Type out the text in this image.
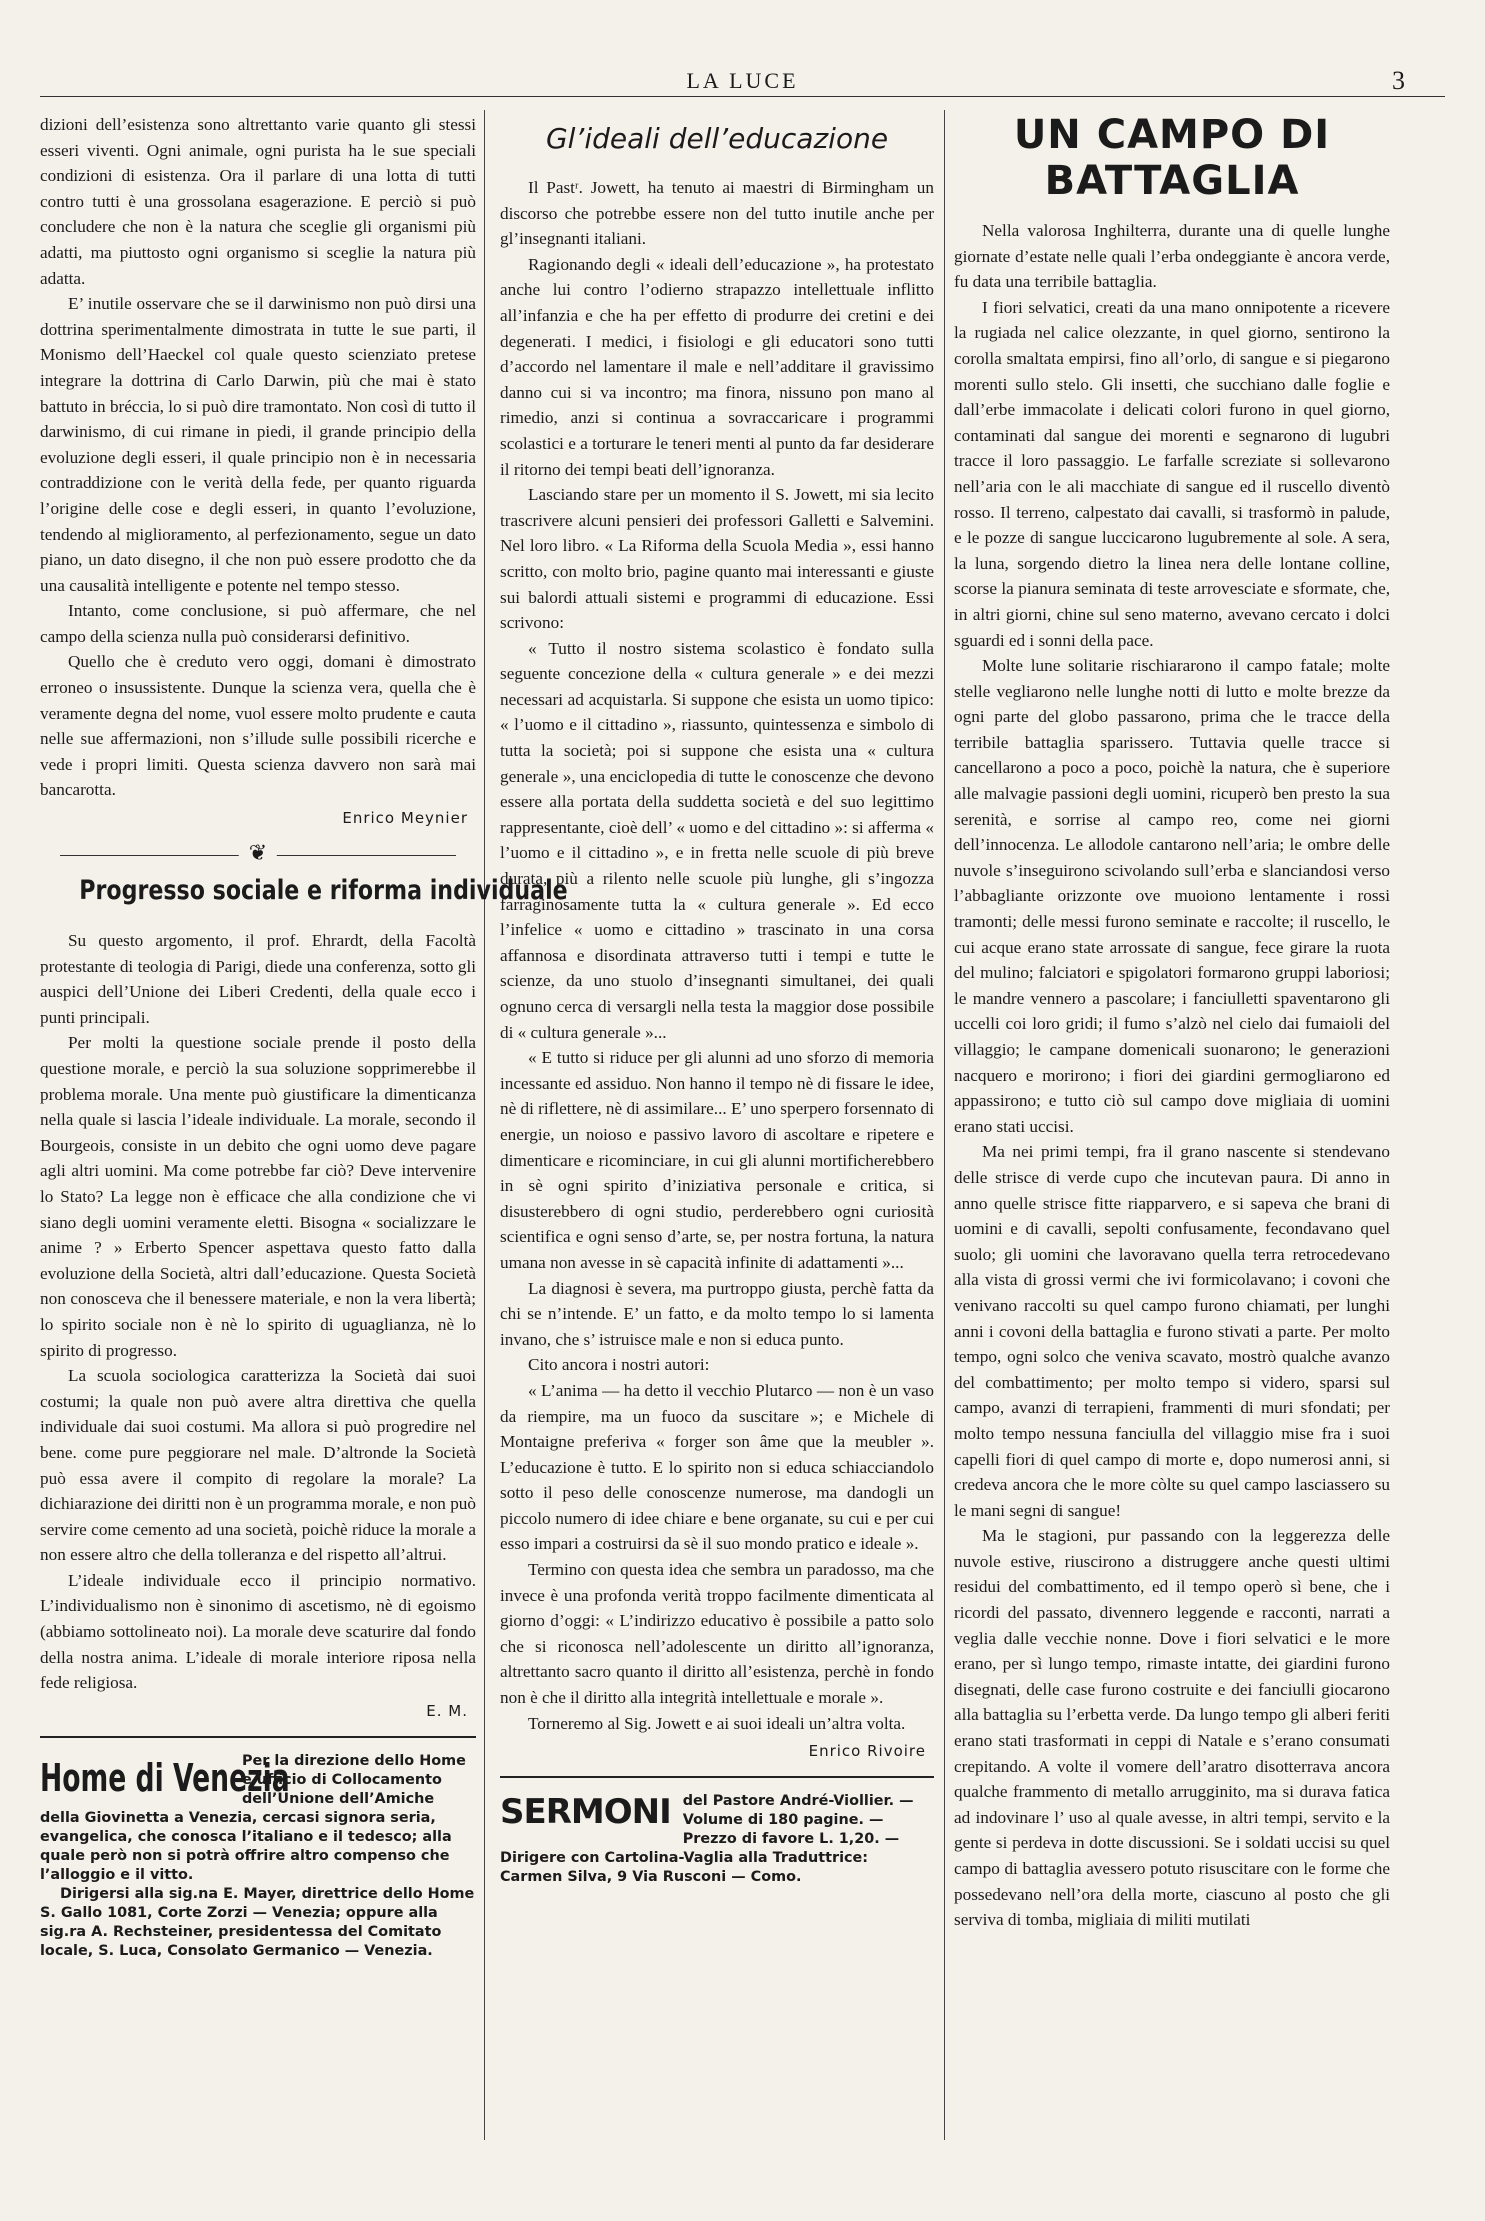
LA LUCE	3

dizioni dell’esistenza sono altrettanto varie quanto gli stessi esseri viventi. Ogni animale, ogni purista ha le sue speciali condizioni di esistenza. Ora il parlare di una lotta di tutti contro tutti è una grossolana esagerazione. E perciò si può concludere che non è la natura che sceglie gli organismi più adatti, ma piuttosto ogni organismo si sceglie la natura più adatta.

E’ inutile osservare che se il darwinismo non può dirsi una dottrina sperimentalmente dimostrata in tutte le sue parti, il Monismo dell’Haeckel col quale questo scienziato pretese integrare la dottrina di Carlo Darwin, più che mai è stato battuto in bréccia, lo si può dire tramontato. Non così di tutto il darwinismo, di cui rimane in piedi, il grande principio della evoluzione degli esseri, il quale principio non è in necessaria contraddizione con le verità della fede, per quanto riguarda l’origine delle cose e degli esseri, in quanto l’evoluzione, tendendo al miglioramento, al perfezionamento, segue un dato piano, un dato disegno, il che non può essere prodotto che da una causalità intelligente e potente nel tempo stesso.

Intanto, come conclusione, si può affermare, che nel campo della scienza nulla può considerarsi definitivo.

Quello che è creduto vero oggi, domani è dimostrato erroneo o insussistente. Dunque la scienza vera, quella che è veramente degna del nome, vuol essere molto prudente e cauta nelle sue affermazioni, non s’illude sulle possibili ricerche e vede i propri limiti. Questa scienza davvero non sarà mai bancarotta.

Enrico Meynier
❦
Progresso sociale e riforma individuale

Su questo argomento, il prof. Ehrardt, della Facoltà protestante di teologia di Parigi, diede una conferenza, sotto gli auspici dell’Unione dei Liberi Credenti, della quale ecco i punti principali.

Per molti la questione sociale prende il posto della questione morale, e perciò la sua soluzione sopprimerebbe il problema morale. Una mente può giustificare la dimenticanza nella quale si lascia l’ideale individuale. La morale, secondo il Bourgeois, consiste in un debito che ogni uomo deve pagare agli altri uomini. Ma come potrebbe far ciò? Deve intervenire lo Stato? La legge non è efficace che alla condizione che vi siano degli uomini veramente eletti. Bisogna « socializzare le anime ? » Erberto Spencer aspettava questo fatto dalla evoluzione della Società, altri dall’educazione. Questa Società non conosceva che il benessere materiale, e non la vera libertà; lo spirito sociale non è nè lo spirito di uguaglianza, nè lo spirito di progresso.

La scuola sociologica caratterizza la Società dai suoi costumi; la quale non può avere altra direttiva che quella individuale dai suoi costumi. Ma allora si può progredire nel bene. come pure peggiorare nel male. D’altronde la Società può essa avere il compito di regolare la morale? La dichiarazione dei diritti non è un programma morale, e non può servire come cemento ad una società, poichè riduce la morale a non essere altro che della tolleranza e del rispetto all’altrui.

L’ideale individuale ecco il principio normativo. L’individualismo non è sinonimo di ascetismo, nè di egoismo (abbiamo sottolineato noi). La morale deve scaturire dal fondo della nostra anima. L’ideale di morale interiore riposa nella fede religiosa.

E. M.
Home di Venezia
Per la direzione dello Home e ufficio di Collocamento dell’Unione dell’Amiche della Giovinetta a Venezia, cercasi signora seria, evangelica, che conosca l’italiano e il tedesco; alla quale però non si potrà offrire altro compenso che l’alloggio e il vitto.
Dirigersi alla sig.na E. Mayer, direttrice dello Home S. Gallo 1081, Corte Zorzi — Venezia; oppure alla sig.ra A. Rechsteiner, presidentessa del Comitato locale, S. Luca, Consolato Germanico — Venezia.
Gl’ideali dell’educazione

Il Pastʳ. Jowett, ha tenuto ai maestri di Birmingham un discorso che potrebbe essere non del tutto inutile anche per gl’insegnanti italiani.

Ragionando degli « ideali dell’educazione », ha protestato anche lui contro l’odierno strapazzo intellettuale inflitto all’infanzia e che ha per effetto di produrre dei cretini e dei degenerati. I medici, i fisiologi e gli educatori sono tutti d’accordo nel lamentare il male e nell’additare il gravissimo danno cui si va incontro; ma finora, nissuno pon mano al rimedio, anzi si continua a sovraccaricare i programmi scolastici e a torturare le teneri menti al punto da far desiderare il ritorno dei tempi beati dell’ignoranza.

Lasciando stare per un momento il S. Jowett, mi sia lecito trascrivere alcuni pensieri dei professori Galletti e Salvemini. Nel loro libro. « La Riforma della Scuola Media », essi hanno scritto, con molto brio, pagine quanto mai interessanti e giuste sui balordi attuali sistemi e programmi di educazione. Essi scrivono:

« Tutto il nostro sistema scolastico è fondato sulla seguente concezione della « cultura generale » e dei mezzi necessari ad acquistarla. Si suppone che esista un uomo tipico: « l’uomo e il cittadino », riassunto, quintessenza e simbolo di tutta la società; poi si suppone che esista una « cultura generale », una enciclopedia di tutte le conoscenze che devono essere alla portata della suddetta società e del suo legittimo rappresentante, cioè dell’ « uomo e del cittadino »: si afferma « l’uomo e il cittadino », e in fretta nelle scuole di più breve durata, più a rilento nelle scuole più lunghe, gli s’ingozza farraginosamente tutta la « cultura generale ». Ed ecco l’infelice « uomo e cittadino » trascinato in una corsa affannosa e disordinata attraverso tutti i tempi e tutte le scienze, da uno stuolo d’insegnanti simultanei, dei quali ognuno cerca di versargli nella testa la maggior dose possibile di « cultura generale »...

« E tutto si riduce per gli alunni ad uno sforzo di memoria incessante ed assiduo. Non hanno il tempo nè di fissare le idee, nè di riflettere, nè di assimilare... E’ uno sperpero forsennato di energie, un noioso e passivo lavoro di ascoltare e ripetere e dimenticare e ricominciare, in cui gli alunni mortificherebbero in sè ogni spirito d’iniziativa personale e critica, si disusterebbero di ogni studio, perderebbero ogni curiosità scientifica e ogni senso d’arte, se, per nostra fortuna, la natura umana non avesse in sè capacità infinite di adattamenti »...

La diagnosi è severa, ma purtroppo giusta, perchè fatta da chi se n’intende. E’ un fatto, e da molto tempo lo si lamenta invano, che s’ istruisce male e non si educa punto.

Cito ancora i nostri autori:

« L’anima — ha detto il vecchio Plutarco — non è un vaso da riempire, ma un fuoco da suscitare »; e Michele di Montaigne preferiva « forger son âme que la meubler ». L’educazione è tutto. E lo spirito non si educa schiacciandolo sotto il peso delle conoscenze numerose, ma dandogli un piccolo numero di idee chiare e bene organate, su cui e per cui esso impari a costruirsi da sè il suo mondo pratico e ideale ».

Termino con questa idea che sembra un paradosso, ma che invece è una profonda verità troppo facilmente dimenticata al giorno d’oggi: « L’indirizzo educativo è possibile a patto solo che si riconosca nell’adolescente un diritto all’ignoranza, altrettanto sacro quanto il diritto all’esistenza, perchè in fondo non è che il diritto alla integrità intellettuale e morale ».

Torneremo al Sig. Jowett e ai suoi ideali un’altra volta.

Enrico Rivoire
SERMONI del Pastore André-Viollier. — Volume di 180 pagine. — Prezzo di favore L. 1,20. — Dirigere con Cartolina-Vaglia alla Traduttrice: Carmen Silva, 9 Via Rusconi — Como.
UN CAMPO DI BATTAGLIA

Nella valorosa Inghilterra, durante una di quelle lunghe giornate d’estate nelle quali l’erba ondeggiante è ancora verde, fu data una terribile battaglia.

I fiori selvatici, creati da una mano onnipotente a ricevere la rugiada nel calice olezzante, in quel giorno, sentirono la corolla smaltata empirsi, fino all’orlo, di sangue e si piegarono morenti sullo stelo. Gli insetti, che succhiano dalle foglie e dall’erbe immacolate i delicati colori furono in quel giorno, contaminati dal sangue dei morenti e segnarono di lugubri tracce il loro passaggio. Le farfalle screziate si sollevarono nell’aria con le ali macchiate di sangue ed il ruscello diventò rosso. Il terreno, calpestato dai cavalli, si trasformò in palude, e le pozze di sangue luccicarono lugubremente al sole. A sera, la luna, sorgendo dietro la linea nera delle lontane colline, scorse la pianura seminata di teste arrovesciate e sformate, che, in altri giorni, chine sul seno materno, avevano cercato i dolci sguardi ed i sonni della pace.

Molte lune solitarie rischiararono il campo fatale; molte stelle vegliarono nelle lunghe notti di lutto e molte brezze da ogni parte del globo passarono, prima che le tracce della terribile battaglia sparissero. Tuttavia quelle tracce si cancellarono a poco a poco, poichè la natura, che è superiore alle malvagie passioni degli uomini, ricuperò ben presto la sua serenità, e sorrise al campo reo, come nei giorni dell’innocenza. Le allodole cantarono nell’aria; le ombre delle nuvole s’inseguirono scivolando sull’erba e slanciandosi verso l’abbagliante orizzonte ove muoiono lentamente i rossi tramonti; delle messi furono seminate e raccolte; il ruscello, le cui acque erano state arrossate di sangue, fece girare la ruota del mulino; falciatori e spigolatori formarono gruppi laboriosi; le mandre vennero a pascolare; i fanciulletti spaventarono gli uccelli coi loro gridi; il fumo s’alzò nel cielo dai fumaioli del villaggio; le campane domenicali suonarono; le generazioni nacquero e morirono; i fiori dei giardini germogliarono ed appassirono; e tutto ciò sul campo dove migliaia di uomini erano stati uccisi.

Ma nei primi tempi, fra il grano nascente si stendevano delle strisce di verde cupo che incutevan paura. Di anno in anno quelle strisce fitte riapparvero, e si sapeva che brani di uomini e di cavalli, sepolti confusamente, fecondavano quel suolo; gli uomini che lavoravano quella terra retrocedevano alla vista di grossi vermi che ivi formicolavano; i covoni che venivano raccolti su quel campo furono chiamati, per lunghi anni i covoni della battaglia e furono stivati a parte. Per molto tempo, ogni solco che veniva scavato, mostrò qualche avanzo del combattimento; per molto tempo si videro, sparsi sul campo, avanzi di terrapieni, frammenti di muri sfondati; per molto tempo nessuna fanciulla del villaggio mise fra i suoi capelli fiori di quel campo di morte e, dopo numerosi anni, si credeva ancora che le more còlte su quel campo lasciassero su le mani segni di sangue!

Ma le stagioni, pur passando con la leggerezza delle nuvole estive, riuscirono a distruggere anche questi ultimi residui del combattimento, ed il tempo operò sì bene, che i ricordi del passato, divennero leggende e racconti, narrati a veglia dalle vecchie nonne. Dove i fiori selvatici e le more erano, per sì lungo tempo, rimaste intatte, dei giardini furono disegnati, delle case furono costruite e dei fanciulli giocarono alla battaglia su l’erbetta verde. Da lungo tempo gli alberi feriti erano stati trasformati in ceppi di Natale e s’erano consumati crepitando. A volte il vomere dell’aratro disotterrava ancora qualche frammento di metallo arrugginito, ma si durava fatica ad indovinare l’ uso al quale avesse, in altri tempi, servito e la gente si perdeva in dotte discussioni. Se i soldati uccisi su quel campo di battaglia avessero potuto risuscitare con le forme che possedevano nell’ora della morte, ciascuno al posto che gli serviva di tomba, migliaia di militi mutilati
